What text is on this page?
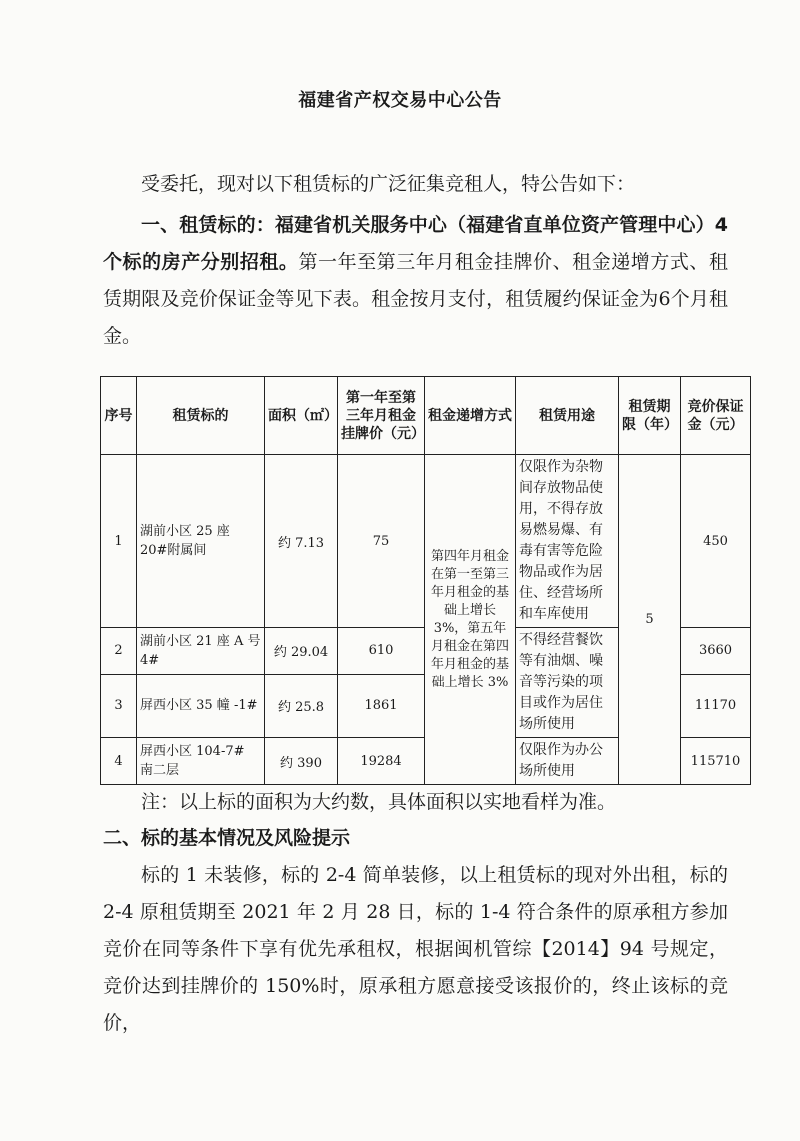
福建省产权交易中心公告
受委托，现对以下租赁标的广泛征集竞租人，特公告如下：
一、租赁标的：福建省机关服务中心（福建省直单位资产管理中心）4个标的房产分别招租。第一年至第三年月租金挂牌价、租金递增方式、租赁期限及竞价保证金等见下表。租金按月支付，租赁履约保证金为6个月租金。
序号	租赁标的	面积（㎡）	第一年至第三年月租金挂牌价（元）	租金递增方式	租赁用途	租赁期限（年）	竞价保证金（元）
1	湖前小区 25 座 20#附属间	约 7.13	75	第四年月租金在第一至第三年月租金的基础上增长 3%，第五年月租金在第四年月租金的基础上增长 3%	仅限作为杂物间存放物品使用，不得存放易燃易爆、有毒有害等危险物品或作为居住、经营场所和车库使用	5	450
2	湖前小区 21 座 A 号 4#	约 29.04	610		不得经营餐饮等有油烟、噪音等污染的项目或作为居住场所使用		3660
3	屏西小区 35 幢 -1#	约 25.8	1861				11170
4	屏西小区 104-7# 南二层	约 390	19284		仅限作为办公场所使用		115710
注：以上标的面积为大约数，具体面积以实地看样为准。
二、标的基本情况及风险提示
标的 1 未装修，标的 2-4 简单装修，以上租赁标的现对外出租，标的 2-4 原租赁期至 2021 年 2 月 28 日，标的 1-4 符合条件的原承租方参加竞价在同等条件下享有优先承租权，根据闽机管综【2014】94 号规定，竞价达到挂牌价的 150%时，原承租方愿意接受该报价的，终止该标的竞价，
